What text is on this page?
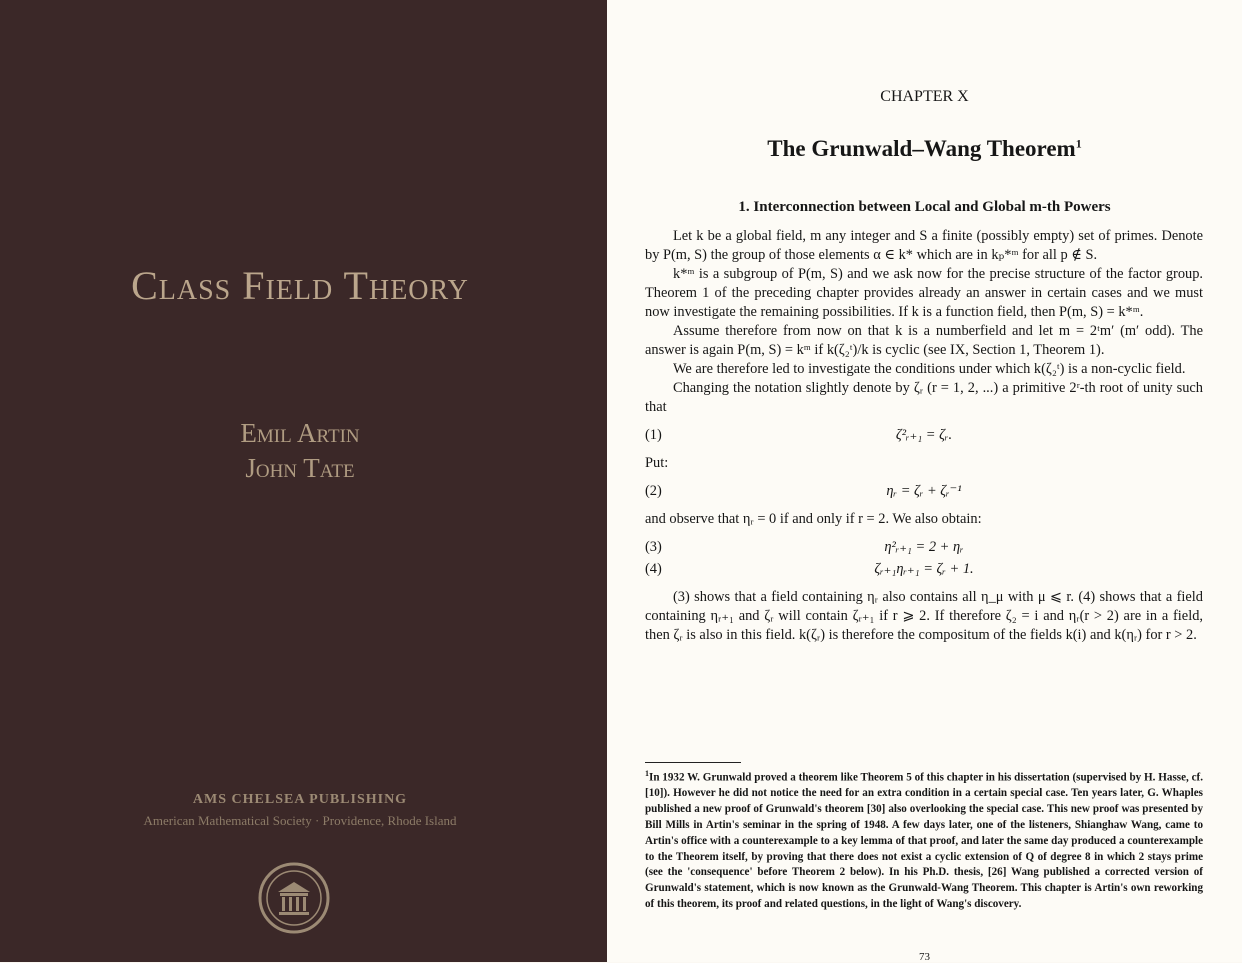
Class Field Theory
Emil Artin
John Tate
AMS CHELSEA PUBLISHING
American Mathematical Society · Providence, Rhode Island
CHAPTER X
The Grunwald–Wang Theorem$^1$
1. Interconnection between Local and Global m-th Powers

Let k be a global field, m any integer and S a finite (possibly empty) set of primes. Denote by P(m, S) the group of those elements α ∈ k* which are in kₚ*ᵐ for all p ∉ S.

k*ᵐ is a subgroup of P(m, S) and we ask now for the precise structure of the factor group. Theorem 1 of the preceding chapter provides already an answer in certain cases and we must now investigate the remaining possibilities. If k is a function field, then P(m, S) = k*ᵐ.

Assume therefore from now on that k is a numberfield and let m = 2ᵗm′ (m′ odd). The answer is again P(m, S) = kᵐ if k(ζ₂ᵗ)/k is cyclic (see IX, Section 1, Theorem 1).

We are therefore led to investigate the conditions under which k(ζ₂ᵗ) is a non-cyclic field.

Changing the notation slightly denote by ζᵣ (r = 1, 2, ...) a primitive 2ʳ-th root of unity such that

(1)	ζ²ᵣ₊₁ = ζᵣ.

Put:

(2)	ηᵣ = ζᵣ + ζᵣ⁻¹

and observe that ηᵣ = 0 if and only if r = 2. We also obtain:

(3)	η²ᵣ₊₁ = 2 + ηᵣ
(4)	ζᵣ₊₁ηᵣ₊₁ = ζᵣ + 1.

(3) shows that a field containing ηᵣ also contains all η_μ with μ ⩽ r. (4) shows that a field containing ηᵣ₊₁ and ζᵣ will contain ζᵣ₊₁ if r ⩾ 2. If therefore ζ₂ = i and ηᵣ(r > 2) are in a field, then ζᵣ is also in this field. k(ζᵣ) is therefore the compositum of the fields k(i) and k(ηᵣ) for r > 2.

$^1$In 1932 W. Grunwald proved a theorem like Theorem 5 of this chapter in his dissertation (supervised by H. Hasse, cf. [10]). However he did not notice the need for an extra condition in a certain special case. Ten years later, G. Whaples published a new proof of Grunwald's theorem [30] also overlooking the special case. This new proof was presented by Bill Mills in Artin's seminar in the spring of 1948. A few days later, one of the listeners, Shianghaw Wang, came to Artin's office with a counterexample to a key lemma of that proof, and later the same day produced a counterexample to the Theorem itself, by proving that there does not exist a cyclic extension of Q of degree 8 in which 2 stays prime (see the 'consequence' before Theorem 2 below). In his Ph.D. thesis, [26] Wang published a corrected version of Grunwald's statement, which is now known as the Grunwald-Wang Theorem. This chapter is Artin's own reworking of this theorem, its proof and related questions, in the light of Wang's discovery.
73
